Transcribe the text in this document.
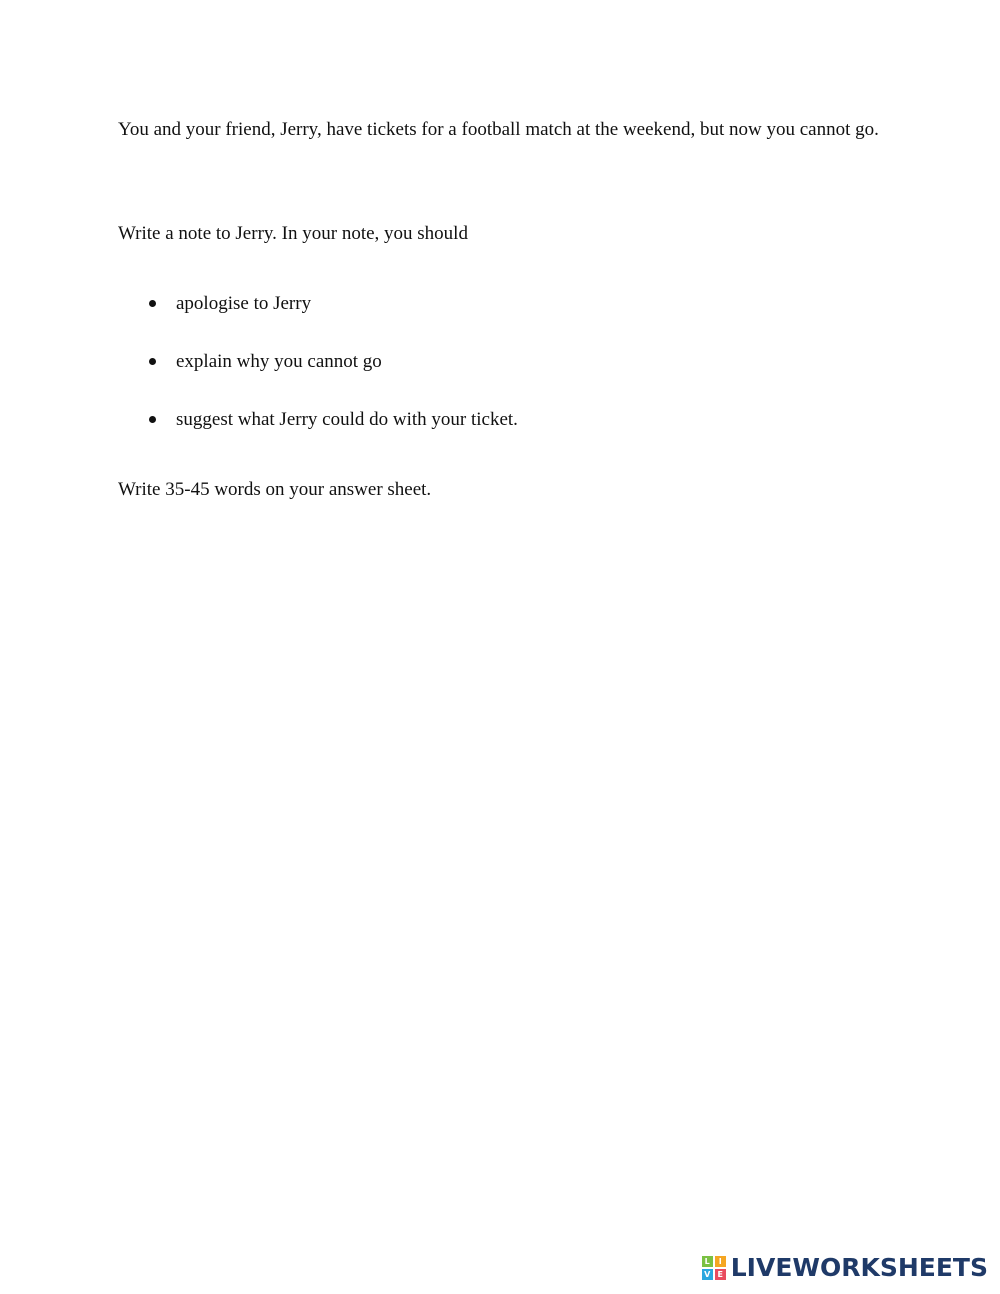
You and your friend, Jerry, have tickets for a football match at the weekend, but now you cannot go.

Write a note to Jerry. In your note, you should

apologise to Jerry
explain why you cannot go
suggest what Jerry could do with your ticket.

Write 35-45 words on your answer sheet.

L	I
V E LIVEWORKSHEETS
